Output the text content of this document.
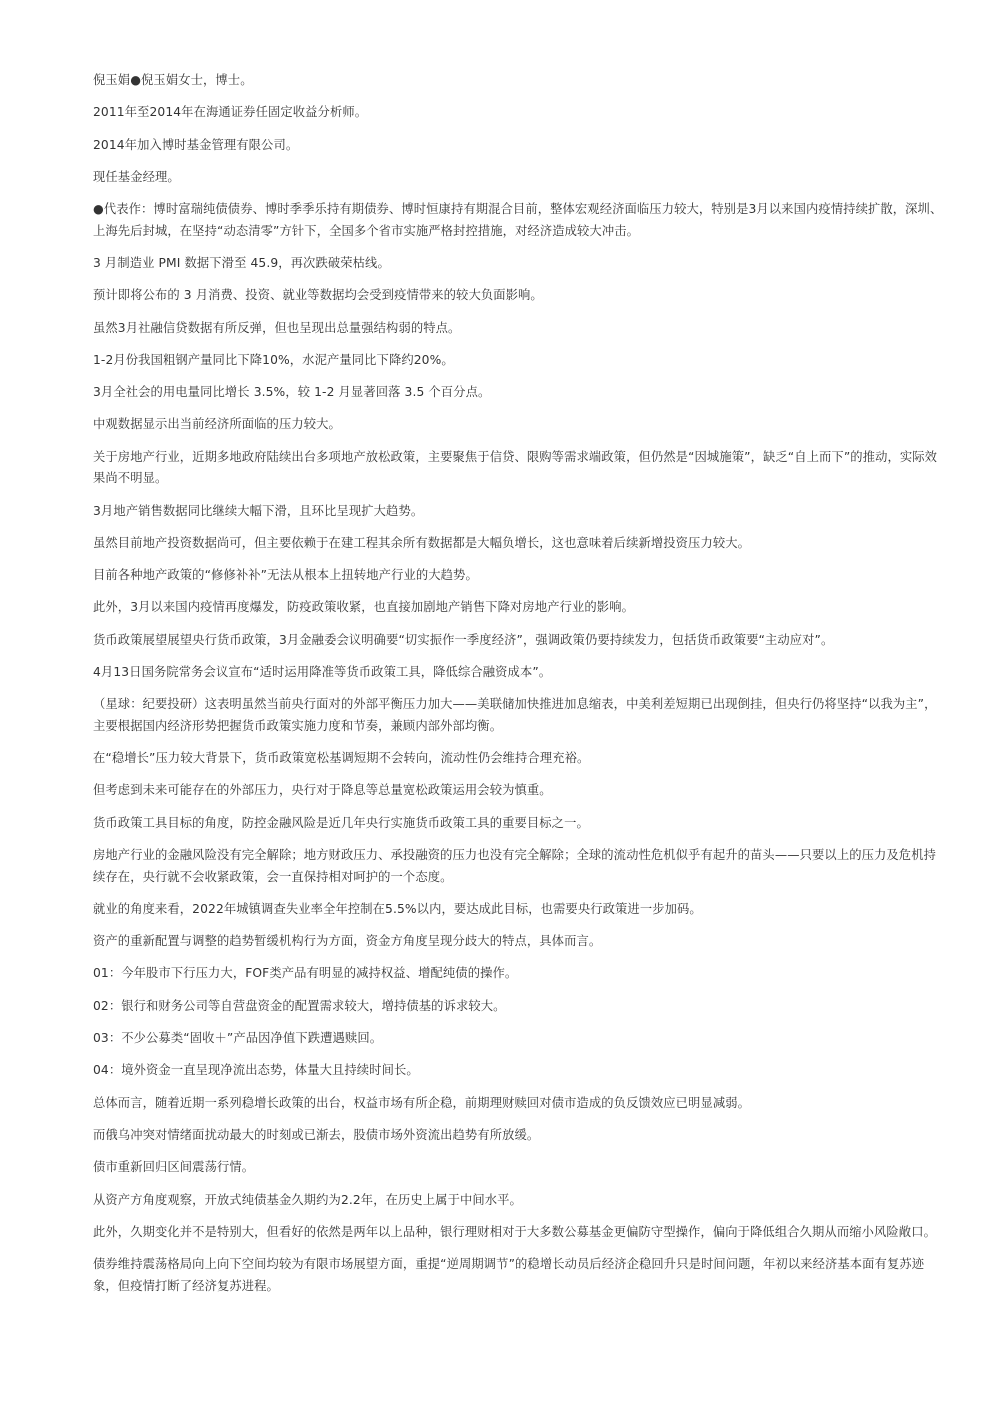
倪玉娟●倪玉娟女士，博士。

2011年至2014年在海通证券任固定收益分析师。

2014年加入博时基金管理有限公司。

现任基金经理。

●代表作：博时富瑞纯债债券、博时季季乐持有期债券、博时恒康持有期混合目前，整体宏观经济面临压力较大，特别是3月以来国内疫情持续扩散，深圳、上海先后封城，在坚持“动态清零”方针下，全国多个省市实施严格封控措施，对经济造成较大冲击。

3 月制造业 PMI 数据下滑至 45.9，再次跌破荣枯线。

预计即将公布的 3 月消费、投资、就业等数据均会受到疫情带来的较大负面影响。

虽然3月社融信贷数据有所反弹，但也呈现出总量强结构弱的特点。

1-2月份我国粗钢产量同比下降10%，水泥产量同比下降约20%。

3月全社会的用电量同比增长 3.5%，较 1-2 月显著回落 3.5 个百分点。

中观数据显示出当前经济所面临的压力较大。

关于房地产行业，近期多地政府陆续出台多项地产放松政策，主要聚焦于信贷、限购等需求端政策，但仍然是“因城施策”，缺乏“自上而下”的推动，实际效果尚不明显。

3月地产销售数据同比继续大幅下滑，且环比呈现扩大趋势。

虽然目前地产投资数据尚可，但主要依赖于在建工程其余所有数据都是大幅负增长，这也意味着后续新增投资压力较大。

目前各种地产政策的“修修补补”无法从根本上扭转地产行业的大趋势。

此外，3月以来国内疫情再度爆发，防疫政策收紧，也直接加剧地产销售下降对房地产行业的影响。

货币政策展望展望央行货币政策，3月金融委会议明确要“切实振作一季度经济”，强调政策仍要持续发力，包括货币政策要“主动应对”。

4月13日国务院常务会议宣布“适时运用降准等货币政策工具，降低综合融资成本”。

（星球：纪要投研）这表明虽然当前央行面对的外部平衡压力加大——美联储加快推进加息缩表，中美利差短期已出现倒挂，但央行仍将坚持“以我为主”，主要根据国内经济形势把握货币政策实施力度和节奏，兼顾内部外部均衡。

在“稳增长”压力较大背景下，货币政策宽松基调短期不会转向，流动性仍会维持合理充裕。

但考虑到未来可能存在的外部压力，央行对于降息等总量宽松政策运用会较为慎重。

货币政策工具目标的角度，防控金融风险是近几年央行实施货币政策工具的重要目标之一。

房地产行业的金融风险没有完全解除；地方财政压力、承投融资的压力也没有完全解除；全球的流动性危机似乎有起升的苗头——只要以上的压力及危机持续存在，央行就不会收紧政策，会一直保持相对呵护的一个态度。

就业的角度来看，2022年城镇调查失业率全年控制在5.5%以内，要达成此目标，也需要央行政策进一步加码。

资产的重新配置与调整的趋势暂缓机构行为方面，资金方角度呈现分歧大的特点，具体而言。

01：今年股市下行压力大，FOF类产品有明显的减持权益、增配纯债的操作。

02：银行和财务公司等自营盘资金的配置需求较大，增持债基的诉求较大。

03：不少公募类“固收＋”产品因净值下跌遭遇赎回。

04：境外资金一直呈现净流出态势，体量大且持续时间长。

总体而言，随着近期一系列稳增长政策的出台，权益市场有所企稳，前期理财赎回对债市造成的负反馈效应已明显减弱。

而俄乌冲突对情绪面扰动最大的时刻或已渐去，股债市场外资流出趋势有所放缓。

债市重新回归区间震荡行情。

从资产方角度观察，开放式纯债基金久期约为2.2年，在历史上属于中间水平。

此外，久期变化并不是特别大，但看好的依然是两年以上品种，银行理财相对于大多数公募基金更偏防守型操作，偏向于降低组合久期从而缩小风险敞口。

债券维持震荡格局向上向下空间均较为有限市场展望方面，重提“逆周期调节”的稳增长动员后经济企稳回升只是时间问题，年初以来经济基本面有复苏迹象，但疫情打断了经济复苏进程。
